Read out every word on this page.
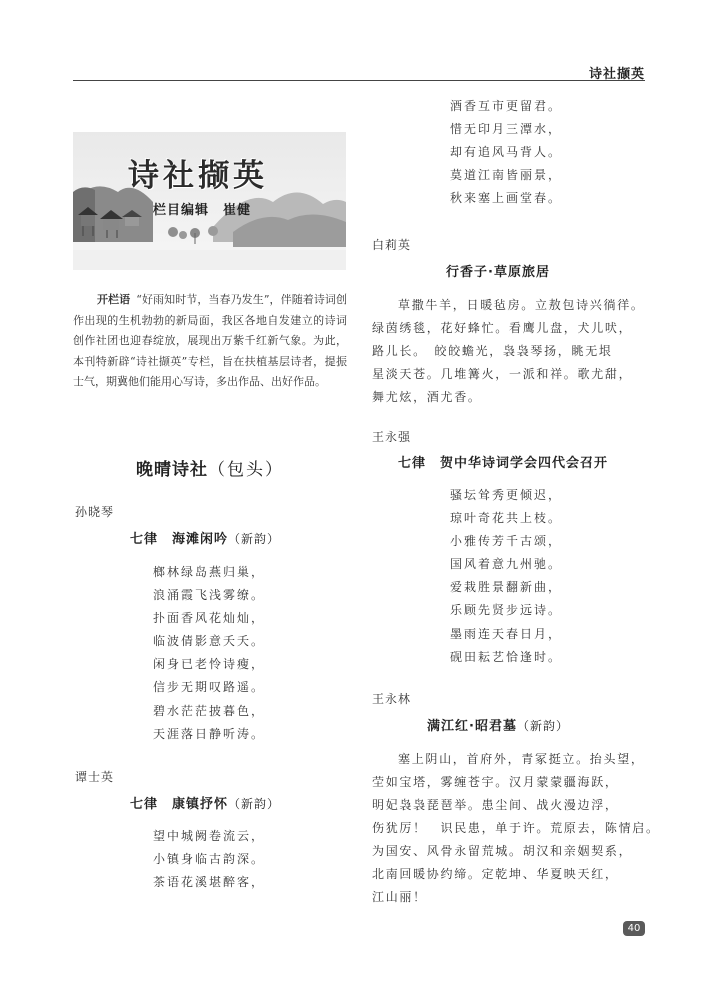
诗社撷英
诗社撷英
栏目编辑　崔健
开栏语 “好雨知时节，当春乃发生”，伴随着诗词创作出现的生机勃勃的新局面，我区各地自发建立的诗词创作社团也迎春绽放，展现出万紫千红新气象。为此，本刊特新辟“诗社撷英”专栏，旨在扶植基层诗者，提振士气，期冀他们能用心写诗，多出作品、出好作品。
晚晴诗社（包头）
孙晓琴
七律　 海滩闲吟（新韵）
榔林绿岛燕归巢，
浪涌霞飞浅雾缭。
扑面香风花灿灿，
临波倩影意夭夭。
闲身已老怜诗瘦，
信步无期叹路遥。
碧水茫茫披暮色，
天涯落日静听涛。
谭士英
七律　 康镇抒怀（新韵）
望中城阙卷流云，
小镇身临古韵深。
茶语花溪堪醉客，
酒香互市更留君。
惜无印月三潭水，
却有追风马背人。
莫道江南皆丽景，
秋来塞上画堂春。
白莉英
行香子·草原旅居
草撒牛羊，日暖毡房。立敖包诗兴徜徉。
绿茵绣毯，花好蜂忙。看鹰儿盘，犬儿吠，
路儿长。　皎皎蟾光，袅袅琴扬，眺无垠
星淡天苍。几堆篝火，一派和祥。歌尤甜，
舞尤炫，酒尤香。
王永强
七律　 贺中华诗词学会四代会召开
骚坛耸秀更倾迟，
琼叶奇花共上枝。
小雅传芳千古颂，
国风着意九州驰。
爱栽胜景翻新曲，
乐顾先贤步远诗。
墨雨连天春日月，
砚田耘艺恰逢时。
王永林
满江红·昭君墓（新韵）
塞上阴山，首府外，青冢挺立。抬头望，
茔如宝塔，雾缠苍宇。汉月蒙蒙疆海跃，
明妃袅袅琵琶举。患尘间、战火漫边浮，
伤犹厉！　识民患，单于许。荒原去，陈情启。
为国安、风骨永留荒城。胡汉和亲姻契系，
北南回暖协约缔。定乾坤、华夏映天红，
江山丽！
40
